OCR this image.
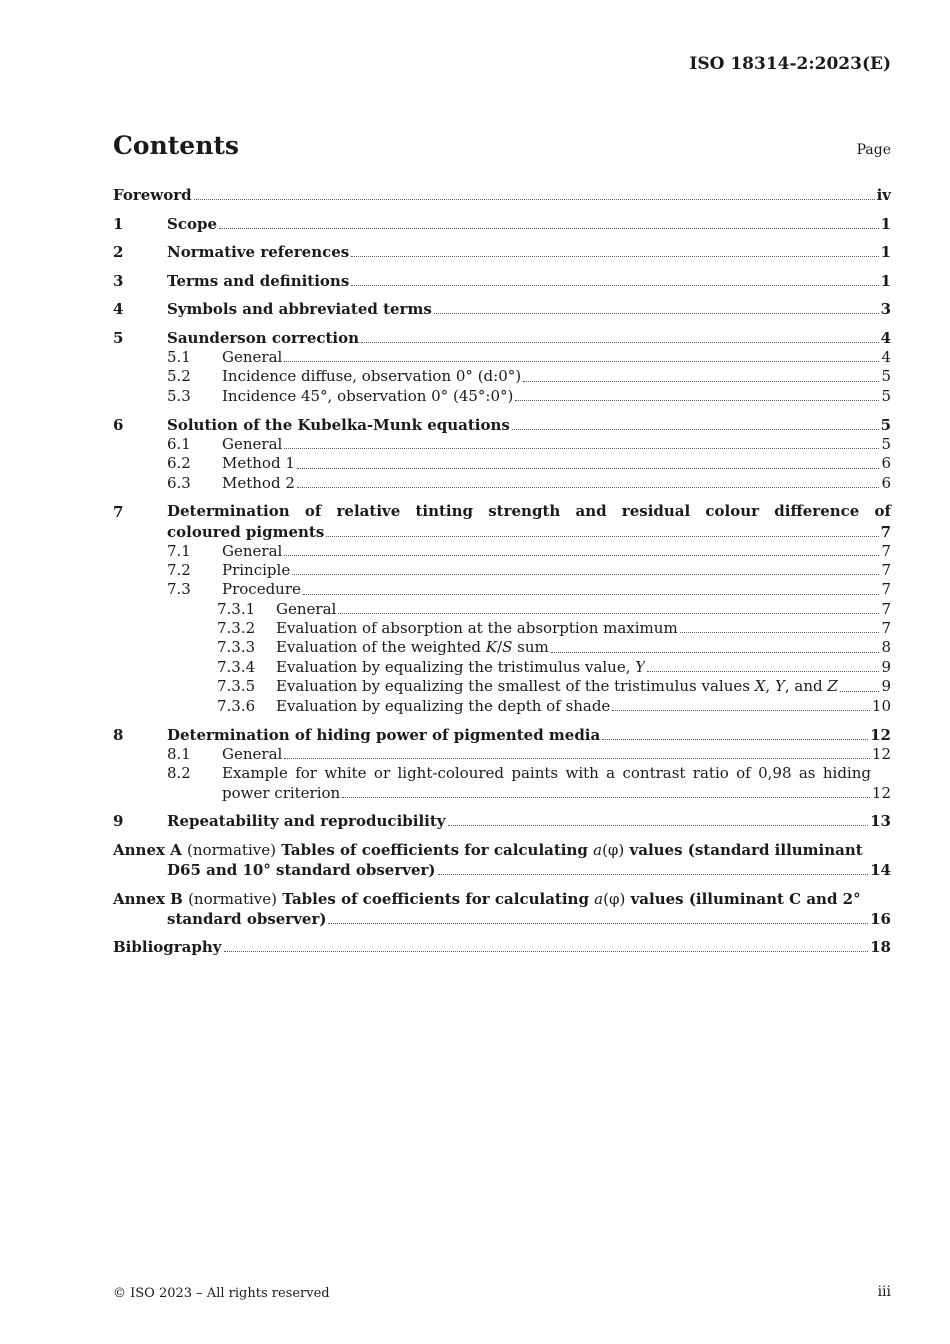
ISO 18314-2:2023(E)
Contents	Page
Foreword	iv
1	Scope	1
2	Normative references	1
3	Terms and definitions	1
4	Symbols and abbreviated terms	3
5	Saunderson correction	4
5.1	General	4
5.2	Incidence diffuse, observation 0° (d:0°)	5
5.3	Incidence 45°, observation 0° (45°:0°)	5
6	Solution of the Kubelka-Munk equations	5
6.1	General	5
6.2	Method 1	6
6.3	Method 2	6
7	Determination of relative tinting strength and residual colour difference of
coloured pigments	7
7.1	General	7
7.2	Principle	7
7.3	Procedure	7
7.3.1	General	7
7.3.2	Evaluation of absorption at the absorption maximum	7
7.3.3	Evaluation of the weighted K/S sum	8
7.3.4	Evaluation by equalizing the tristimulus value, Y	9
7.3.5	Evaluation by equalizing the smallest of the tristimulus values X, Y, and Z	9
7.3.6	Evaluation by equalizing the depth of shade	10
8	Determination of hiding power of pigmented media	12
8.1	General	12
8.2	Example for white or light-coloured paints with a contrast ratio of 0,98 as hiding
power criterion	12
9	Repeatability and reproducibility	13
Annex A (normative) Tables of coefficients for calculating a(φ) values (standard illuminant
D65 and 10° standard observer)	14
Annex B (normative) Tables of coefficients for calculating a(φ) values (illuminant C and 2°
standard observer)	16
Bibliography	18
© ISO 2023 – All rights reserved	iii
